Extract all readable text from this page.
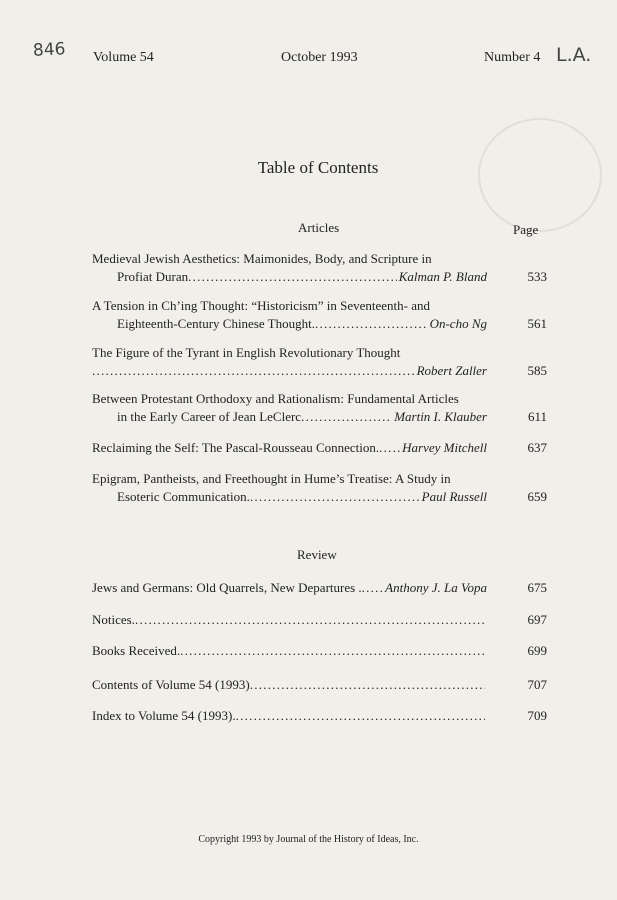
846	L.A.
Volume 54	October 1993	Number 4
Table of Contents
Articles	Page
Medieval Jewish Aesthetics: Maimonides, Body, and Scripture in
Profiat Duran . . .	Kalman P. Bland	533
A Tension in Ch’ing Thought: “Historicism” in Seventeenth- and
Eighteenth-Century Chinese Thought. . . .	On-cho Ng	561
The Figure of the Tyrant in English Revolutionary Thought
. . .
Robert Zaller	585
Between Protestant Orthodoxy and Rationalism: Fundamental Articles
in the Early Career of Jean LeClerc . . .	Martin I. Klauber	611
Reclaiming the Self: The Pascal-Rousseau Connection. . . . Harvey Mitchell	637
Epigram, Pantheists, and Freethought in Hume’s Treatise: A Study in
Esoteric Communication. . . .	Paul Russell	659
Review
Jews and Germans: Old Quarrels, New Departures . . . . Anthony J. La Vopa	675
Notices. . . .	697
Books Received. . . .	699
Contents of Volume 54 (1993) . . .	707
Index to Volume 54 (1993). . . .	709
Copyright 1993 by Journal of the History of Ideas, Inc.
